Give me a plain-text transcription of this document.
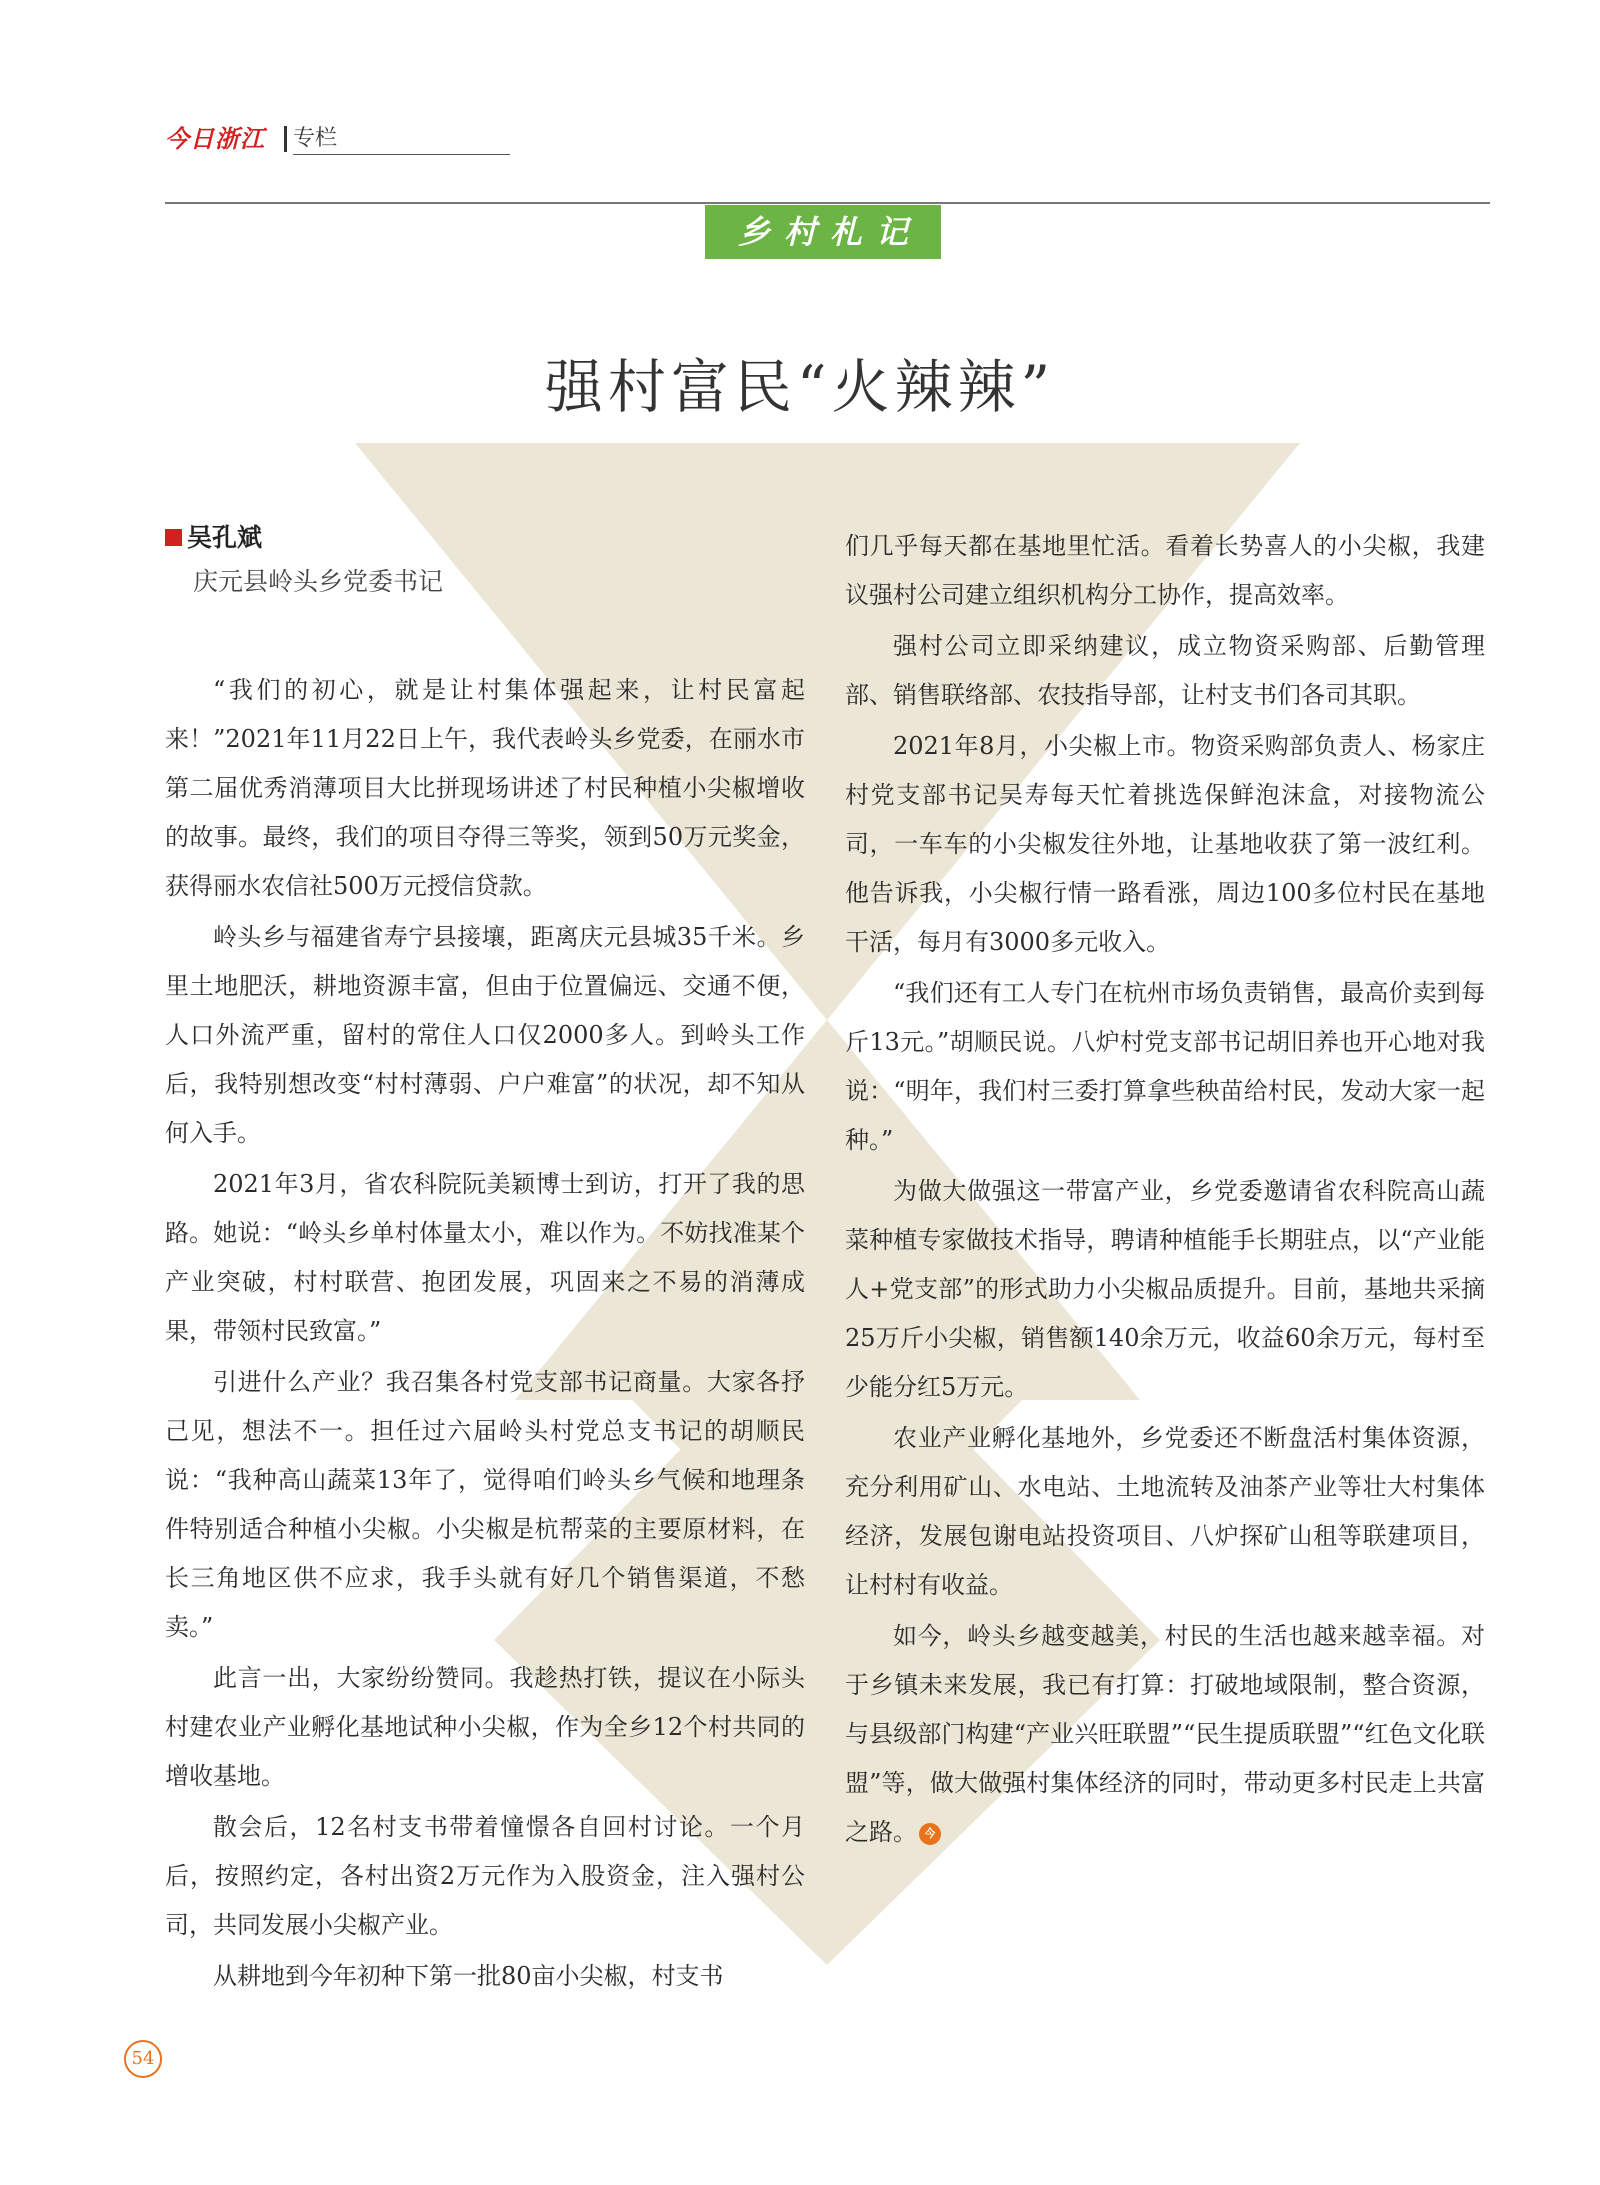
今日浙江 专栏
乡村札记
强村富民“火辣辣”
吴孔斌
庆元县岭头乡党委书记

“我们的初心，就是让村集体强起来，让村民富起来！”2021年11月22日上午，我代表岭头乡党委，在丽水市第二届优秀消薄项目大比拼现场讲述了村民种植小尖椒增收的故事。最终，我们的项目夺得三等奖，领到50万元奖金，获得丽水农信社500万元授信贷款。

岭头乡与福建省寿宁县接壤，距离庆元县城35千米。乡里土地肥沃，耕地资源丰富，但由于位置偏远、交通不便，人口外流严重，留村的常住人口仅2000多人。到岭头工作后，我特别想改变“村村薄弱、户户难富”的状况，却不知从何入手。

2021年3月，省农科院阮美颖博士到访，打开了我的思路。她说：“岭头乡单村体量太小，难以作为。不妨找准某个产业突破，村村联营、抱团发展，巩固来之不易的消薄成果，带领村民致富。”

引进什么产业？我召集各村党支部书记商量。大家各抒己见，想法不一。担任过六届岭头村党总支书记的胡顺民说：“我种高山蔬菜13年了，觉得咱们岭头乡气候和地理条件特别适合种植小尖椒。小尖椒是杭帮菜的主要原材料，在长三角地区供不应求，我手头就有好几个销售渠道，不愁卖。”

此言一出，大家纷纷赞同。我趁热打铁，提议在小际头村建农业产业孵化基地试种小尖椒，作为全乡12个村共同的增收基地。

散会后，12名村支书带着憧憬各自回村讨论。一个月后，按照约定，各村出资2万元作为入股资金，注入强村公司，共同发展小尖椒产业。

从耕地到今年初种下第一批80亩小尖椒，村支书

们几乎每天都在基地里忙活。看着长势喜人的小尖椒，我建议强村公司建立组织机构分工协作，提高效率。

强村公司立即采纳建议，成立物资采购部、后勤管理部、销售联络部、农技指导部，让村支书们各司其职。

2021年8月，小尖椒上市。物资采购部负责人、杨家庄村党支部书记吴寿每天忙着挑选保鲜泡沫盒，对接物流公司，一车车的小尖椒发往外地，让基地收获了第一波红利。他告诉我，小尖椒行情一路看涨，周边100多位村民在基地干活，每月有3000多元收入。

“我们还有工人专门在杭州市场负责销售，最高价卖到每斤13元。”胡顺民说。八炉村党支部书记胡旧养也开心地对我说：“明年，我们村三委打算拿些秧苗给村民，发动大家一起种。”

为做大做强这一带富产业，乡党委邀请省农科院高山蔬菜种植专家做技术指导，聘请种植能手长期驻点，以“产业能人+党支部”的形式助力小尖椒品质提升。目前，基地共采摘25万斤小尖椒，销售额140余万元，收益60余万元，每村至少能分红5万元。

农业产业孵化基地外，乡党委还不断盘活村集体资源，充分利用矿山、水电站、土地流转及油茶产业等壮大村集体经济，发展包谢电站投资项目、八炉探矿山租等联建项目，让村村有收益。

如今，岭头乡越变越美，村民的生活也越来越幸福。对于乡镇未来发展，我已有打算：打破地域限制，整合资源，与县级部门构建“产业兴旺联盟”“民生提质联盟”“红色文化联盟”等，做大做强村集体经济的同时，带动更多村民走上共富之路。 今

54
